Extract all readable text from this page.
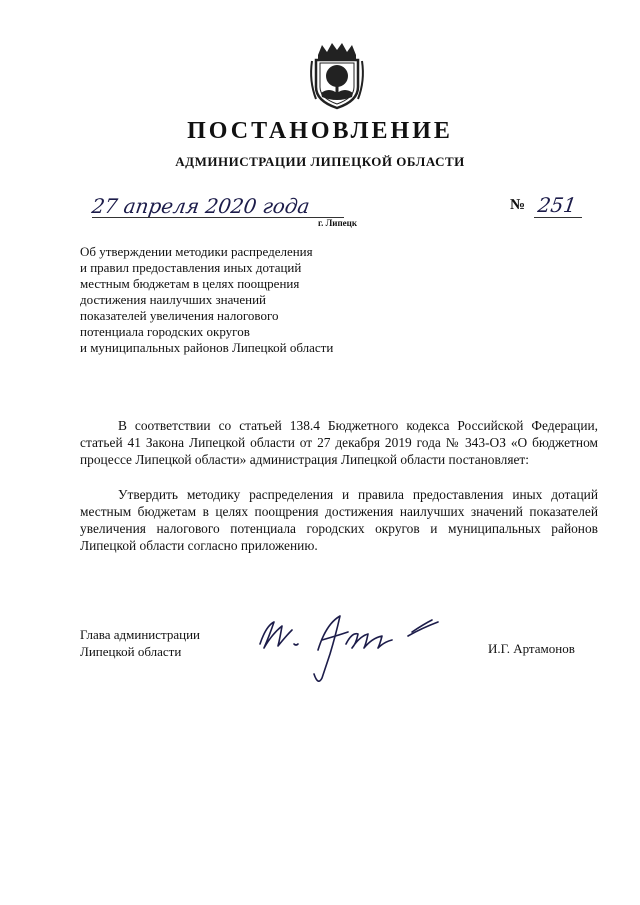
ПОСТАНОВЛЕНИЕ
АДМИНИСТРАЦИИ ЛИПЕЦКОЙ ОБЛАСТИ
27 апреля 2020 года
г. Липецк
№ 251
Об утверждении методики распределения
и правил предоставления иных дотаций
местным бюджетам в целях поощрения
достижения наилучших значений
показателей увеличения налогового
потенциала городских округов
и муниципальных районов Липецкой области
В соответствии со статьей 138.4 Бюджетного кодекса Российской Федерации, статьей 41 Закона Липецкой области от 27 декабря 2019 года № 343-ОЗ «О бюджетном процессе Липецкой области» администрация Липецкой области постановляет:
Утвердить методику распределения и правила предоставления иных дотаций местным бюджетам в целях поощрения достижения наилучших значений показателей увеличения налогового потенциала городских округов и муниципальных районов Липецкой области согласно приложению.
Глава администрации
Липецкой области	И.Г. Артамонов
